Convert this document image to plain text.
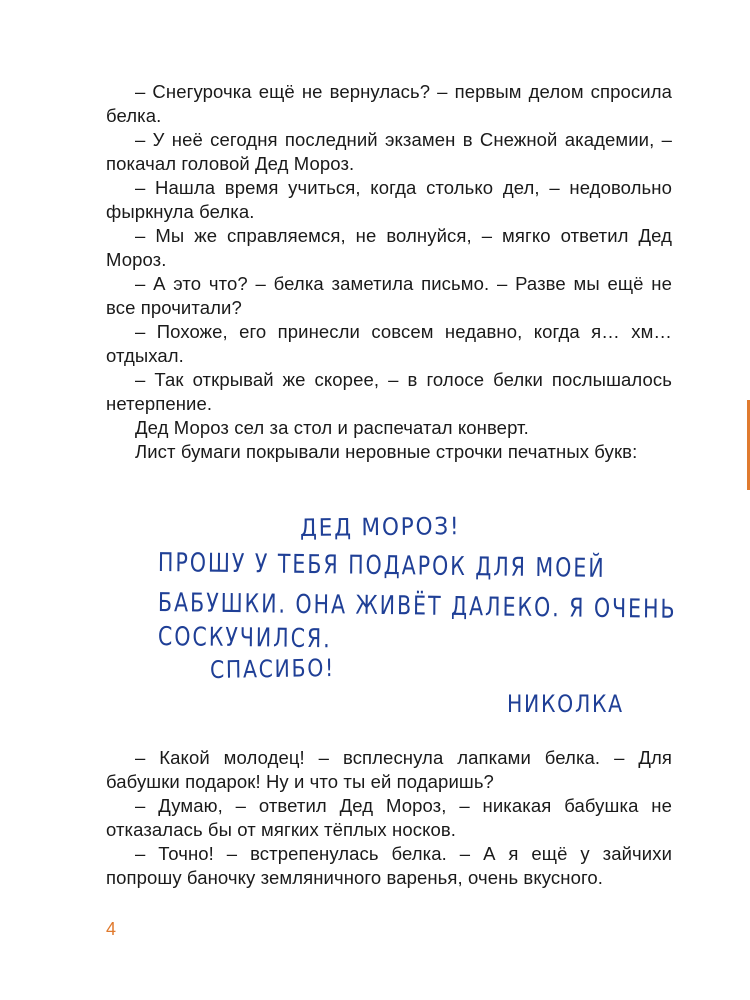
– Снегурочка ещё не вернулась? – первым делом спросила белка.

– У неё сегодня последний экзамен в Снежной академии, – покачал головой Дед Мороз.

– Нашла время учиться, когда столько дел, – недовольно фыркнула белка.

– Мы же справляемся, не волнуйся, – мягко ответил Дед Мороз.

– А это что? – белка заметила письмо. – Разве мы ещё не все прочитали?

– Похоже, его принесли совсем недавно, когда я… хм… отдыхал.

– Так открывай же скорее, – в голосе белки послышалось нетерпение.

Дед Мороз сел за стол и распечатал конверт.

Лист бумаги покрывали неровные строчки печатных букв:

ДЕД МОРОЗ!
ПРОШУ У ТЕБЯ ПОДАРОК ДЛЯ МОЕЙ
БАБУШКИ. ОНА ЖИВЁТ ДАЛЕКО. Я ОЧЕНЬ
СОСКУЧИЛСЯ.
СПАСИБО!
НИКОЛКА

– Какой молодец! – всплеснула лапками белка. – Для бабушки подарок! Ну и что ты ей подаришь?

– Думаю, – ответил Дед Мороз, – никакая бабушка не отказалась бы от мягких тёплых носков.

– Точно! – встрепенулась белка. – А я ещё у зайчихи попрошу баночку земляничного варенья, очень вкусного.

4
